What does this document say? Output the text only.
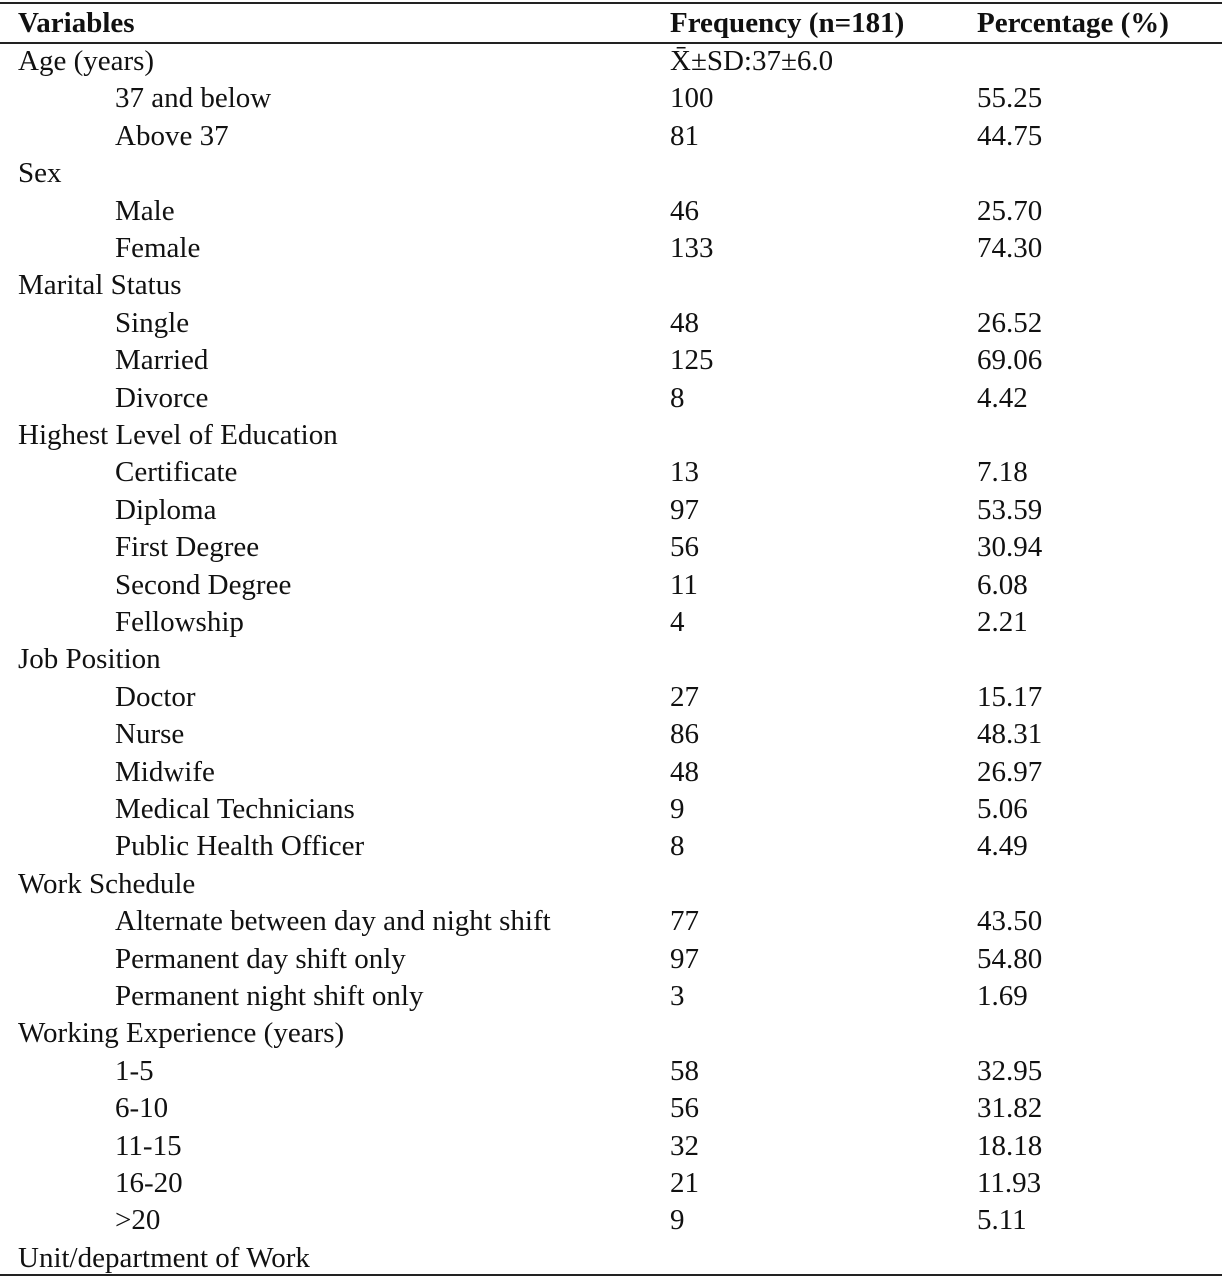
Variables	Frequency (n=181)	Percentage (%)
Age (years)	X̄±SD:37±6.0
37 and below	100	55.25
Above 37	81	44.75
Sex
Male	46	25.70
Female	133	74.30
Marital Status
Single	48	26.52
Married	125	69.06
Divorce	8	4.42
Highest Level of Education
Certificate	13	7.18
Diploma	97	53.59
First Degree	56	30.94
Second Degree	11	6.08
Fellowship	4	2.21
Job Position
Doctor	27	15.17
Nurse	86	48.31
Midwife	48	26.97
Medical Technicians	9	5.06
Public Health Officer	8	4.49
Work Schedule
Alternate between day and night shift	77	43.50
Permanent day shift only	97	54.80
Permanent night shift only	3	1.69
Working Experience (years)
1-5	58	32.95
6-10	56	31.82
11-15	32	18.18
16-20	21	11.93
>20	9	5.11
Unit/department of Work
